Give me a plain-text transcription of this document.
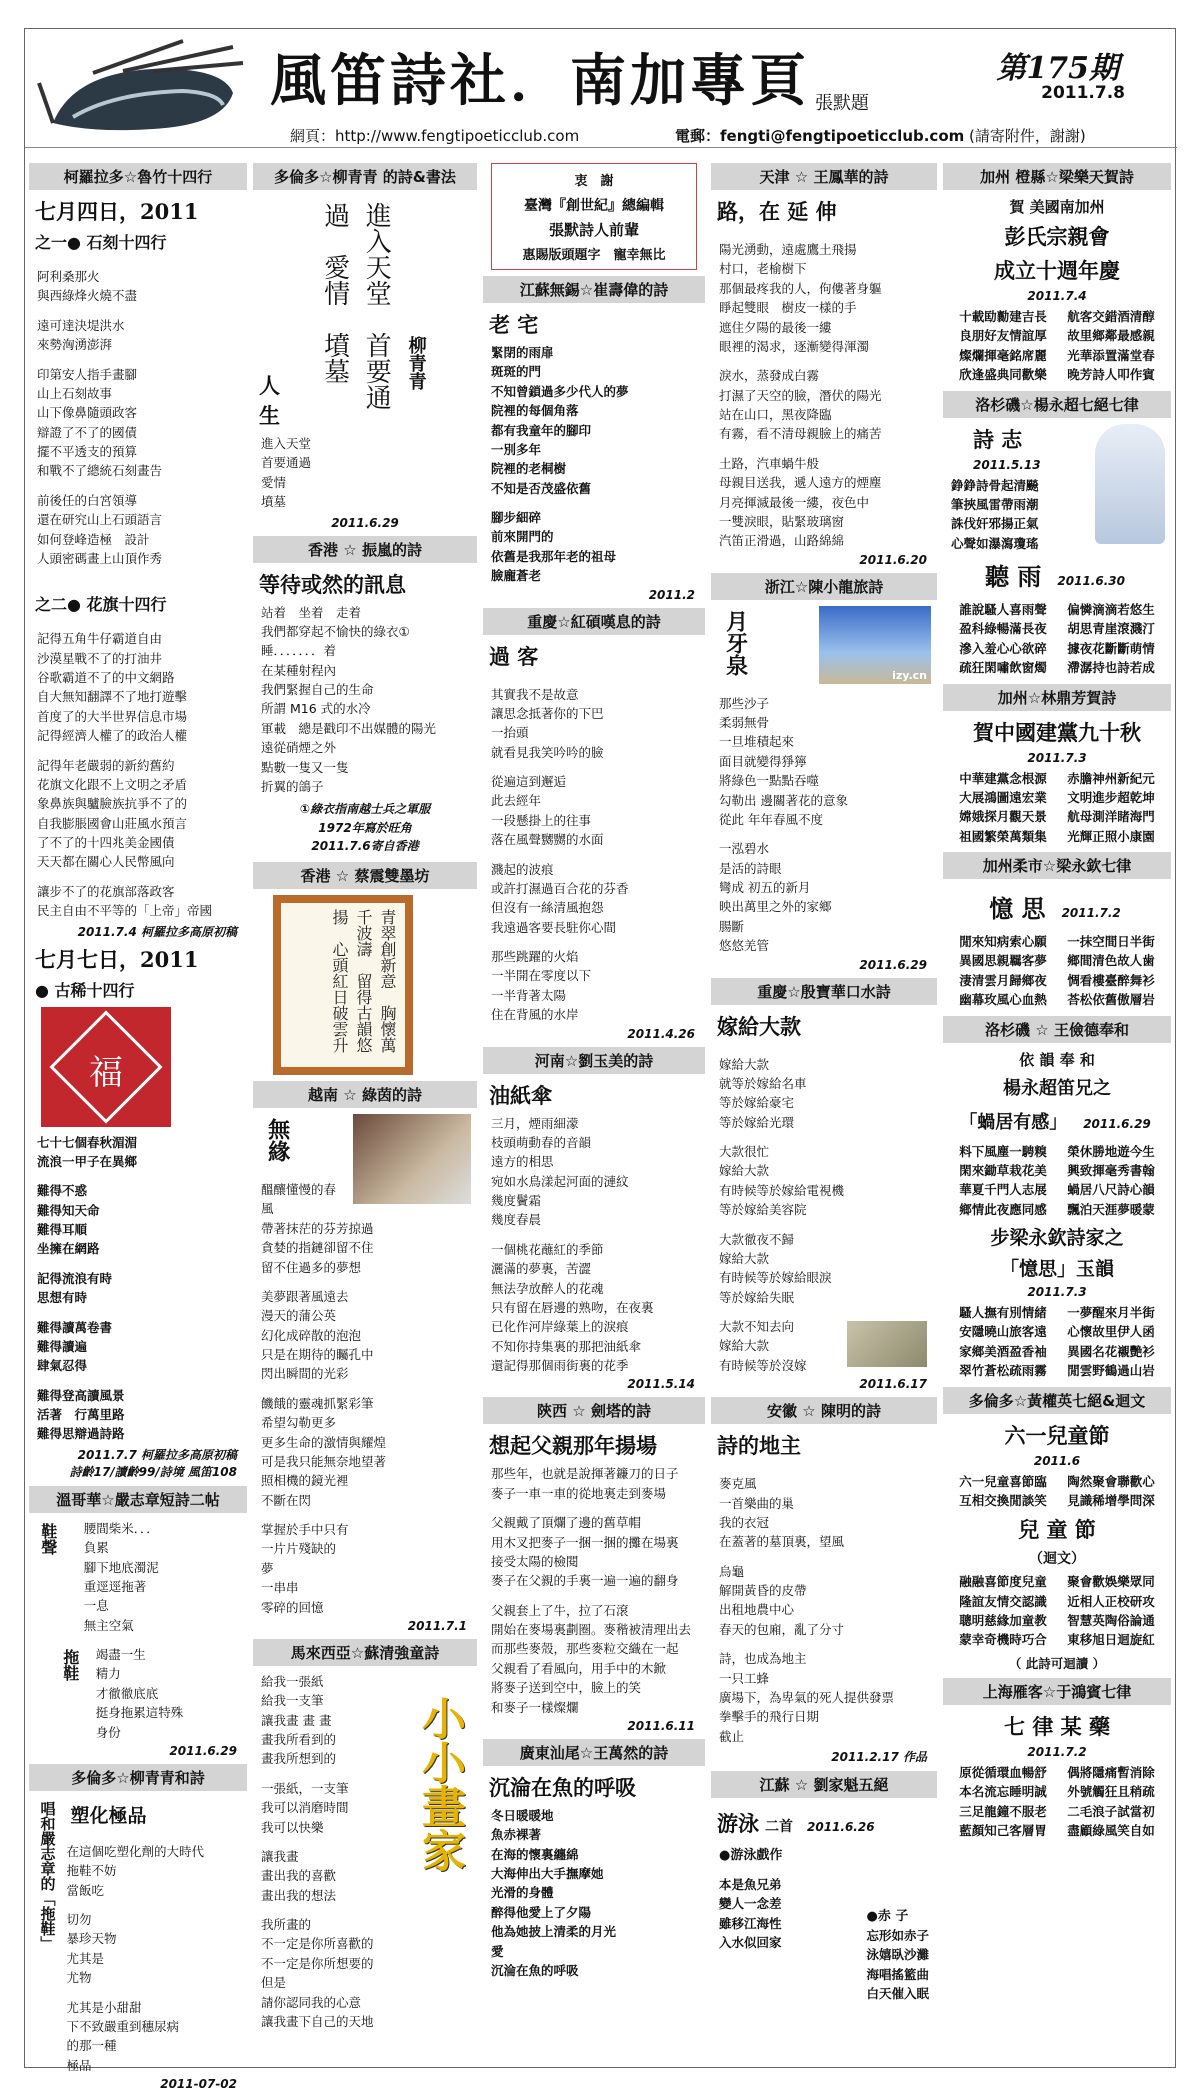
風笛詩社．南加專頁 張默題
第175期
2011.7.8
網頁：http://www.fengtipoeticclub.com	電郵：fengti@fengtipoeticclub.com (請寄附件，謝謝)
柯羅拉多☆魯竹十四行
七月四日，2011
之一● 石刻十四行
阿利桑那火
與西綠烽火燒不盡
遠可達決堤洪水
來勢洶湧澎湃
印第安人指手畫腳
山上石刻故事
山下像鼻隨頭政客
辯證了不了的國債
擺不平透支的預算
和戰不了總統石刻畫告
前後任的白宮領導
還在研究山上石頭語言
如何登峰造極　設計
人頭密碼畫上山頂作秀
之二● 花旗十四行
記得五角牛仔霸道自由
沙漠星戰不了的打油井
谷歌霸道不了的中文網路
自大無知翻譯不了地打遊擊
首度了的大半世界信息市場
記得經濟人權了的政治人權
記得年老嚴弱的新約舊約
花旗文化跟不上文明之矛盾
象鼻族與驢臉族抗爭不了的
自我膨脹國會山莊風水預言
了不了的十四兆美金國債
天天都在關心人民幣風向
讓步不了的花旗部落政客
民主自由不平等的「上帝」帝國
2011.7.4 柯羅拉多高原初稿
七月七日，2011
● 古稀十四行
福
七十七個春秋湄湄
流浪一甲子在異鄉
難得不惑
難得知天命
難得耳順
坐擁在網路
記得流浪有時
思想有時
難得讀萬卷書
難得讀遍
肆氣忍得
難得登高讀風景
活著　行萬里路
難得思辯過詩路
2011.7.7 柯羅拉多高原初稿
詩齡17/讀齡99/詩境 風笛108
溫哥華☆嚴志章短詩二帖
鞋聲 腰間柴米．．．
負累
腳下地底濁泥
重逕逕拖著
一息
無主空氣
拖鞋 竭盡一生
精力
才徹徹底底
挺身拖累這特殊
身份
2011.6.29
多倫多☆柳青青和詩
唱和嚴志章的「拖鞋」 塑化極品
在這個吃塑化劑的大時代
拖鞋不妨
當飯吃
切勿
暴珍天物
尤其是
尤物
尤其是小甜甜
下不致嚴重到穗尿病
的那一種
極品
2011-07-02
多倫多☆柳青青 的詩&書法
人　生
進入天堂　首要通過　愛情　墳墓	柳青青
進入天堂
首要通過
愛情
墳墓
2011.6.29
香港 ☆ 振嵐的詩
等待或然的訊息
站着　坐着　走着
我們都穿起不愉快的綠衣①
睡．．．．．．．着
在某種射程內
我們緊握自己的生命
所謂 M16 式的水冷
軍載　總是戳印不出媒體的陽光
遠從硝煙之外
點數一隻又一隻
折翼的鴿子
①綠衣指南越士兵之軍服
1972年寫於旺角
2011.7.6寄自香港
香港 ☆ 蔡震雙墨坊
青翠創新意　胸懷萬千波濤　留得古韻悠揚　心頭紅日破雲升
越南 ☆ 綠茵的詩
無緣
醞釀懂慢的春風
帶著抹茫的芬芳掠過
貪婪的指鏈卻留不住
留不住過多的夢想
美夢跟著風遠去
漫天的蒲公英
幻化成碎散的泡泡
只是在期待的矚孔中
閃出瞬間的光彩
饑餓的靈魂抓緊彩筆
希望勾勒更多
更多生命的激情與耀煌
可是我只能無奈地望著
照相機的鏡光裡
不斷在閃
掌握於手中只有
一片片殘缺的
夢
一串串
零碎的回憶
2011.7.1
馬來西亞☆蘇清強童詩
小小畫家
給我一張紙
給我一支筆
讓我畫 畫 畫
畫我所看到的
畫我所想到的
一張紙，一支筆
我可以消磨時間
我可以快樂
讓我畫
畫出我的喜歡
畫出我的想法
我所畫的
不一定是你所喜歡的
不一定是你所想要的
但是
請你認同我的心意
讓我畫下自己的天地
衷　謝
臺灣『創世紀』總編輯
張默詩人前輩
惠賜版頭題字　寵幸無比
江蘇無錫☆崔壽偉的詩
老 宅
緊閉的雨扉
斑斑的門
不知曾鎖過多少代人的夢
院裡的每個角落
都有我童年的腳印
一別多年
院裡的老桐樹
不知是否茂盛依舊
腳步細碎
前來開門的
依舊是我那年老的祖母
臉龐蒼老
2011.2
重慶☆紅碩嘆息的詩
過 客
其實我不是故意
讓思念抵著你的下巴
一抬頭
就看見我笑吟吟的臉
從遍這到邂逅
此去經年
一段懸掛上的往事
落在風聲嬲嬲的水面
濺起的波痕
或許打濕過百合花的芬香
但沒有一絲清風抱怨
我遠過客要長駐你心間
那些跳躍的火焰
一半開在零度以下
一半背著太陽
住在背風的水岸
2011.4.26
河南☆劉玉美的詩
油紙傘
三月，煙雨細濛
枝頭萌動春的音韻
遠方的相思
宛如水鳥漾起河面的漣紋
幾度鬢霜
幾度春晨
一個桃花蘸紅的季節
灑滿的夢裏，苦澀
無法孕放醉人的花魂
只有留在唇邊的熟吻，在夜裏
已化作河岸綠葉上的淚痕
不知你持集裏的那把油紙傘
還記得那個雨街裏的花季
2011.5.14
陝西 ☆ 劍塔的詩
想起父親那年揚場
那些年，也就是說揮著鐮刀的日子
麥子一車一車的從地裏走到麥場
父親戴了頂爛了邊的舊草帽
用木叉把麥子一捆一捆的攤在場裏
接受太陽的檢閱
麥子在父親的手裏一遍一遍的翻身
父親套上了牛，拉了石滾
開始在麥場裏劃圈。麥稭被清理出去
而那些麥殼，那些麥粒交織在一起
父親看了看風向，用手中的木鍁
將麥子送到空中，臉上的笑
和麥子一樣燦爛
2011.6.11
廣東汕尾☆王萬然的詩
沉淪在魚的呼吸
冬日暖暖地
魚赤裸著
在海的懷裏纏綿
大海伸出大手撫摩她
光滑的身體
醉得他愛上了夕陽
他為她披上清柔的月光
愛
沉淪在魚的呼吸
天津 ☆ 王鳳華的詩
路，在 延 伸
陽光湧動，遠處鷹土飛揚
村口，老榆樹下
那個最疼我的人，佝僂著身軀
睜起雙眼　樹皮一樣的手
遮住夕陽的最後一縷
眼裡的渴求，逐漸變得渾濁
淚水，蒸發成白霧
打濕了天空的臉，潛伏的陽光
站在山口，黑夜降臨
有霧，看不清母親臉上的痛苦
土路，汽車蝸牛般
母親目送我，遞人遠方的煙塵
月亮揮滅最後一縷，夜色中
一雙淚眼，貼緊玻璃窗
汽笛正滑過，山路綿綿
2011.6.20
浙江☆陳小龍旅詩
izy.cn
月牙泉
那些沙子
柔弱無骨
一旦堆積起來
面目就變得猙獰
將綠色一點點吞噬
勾勒出 邊關著花的意象
從此 年年春風不度
一泓碧水
是活的詩眼
彎成 初五的新月
映出萬里之外的家鄉
腸斷
悠悠羌管
2011.6.29
重慶☆殷寶華口水詩
嫁給大款
嫁給大款
就等於嫁給名車
等於嫁給豪宅
等於嫁給光環
大款很忙
嫁給大款
有時候等於嫁給電視機
等於嫁給美容院
大款徹夜不歸
嫁給大款
有時候等於嫁給眼淚
等於嫁給失眠
大款不知去向
嫁給大款
有時候等於沒嫁
2011.6.17
安徽 ☆ 陳明的詩
詩的地主
麥克風
一首樂曲的巢
我的衣冠
在蓋著的墓頂裏，望風
烏龜
解開黃昏的皮帶
出租地農中心
春天的包廂，亂了分寸
詩，也成為地主
一只工蜂
廣場下，為卑氣的死人提供發票
拳擊手的飛行日期
截止
2011.2.17 作品
江蘇 ☆ 劉家魁五絕
游泳 二首 2011.6.26
●游泳戲作
本是魚兄弟
變人一念差
雖移江海性
入水似回家
●赤 子
忘形如赤子
泳嬉臥沙灘
海唱搖籃曲
白天催入眠
加州 橙縣☆梁樂天賀詩
賀 美國南加州
彭氏宗親會
成立十週年慶
2011.7.4
十載劻勷建吉長
良朋好友情誼厚
燦爛揮毫銘席麗
欣逢盛典同歡樂
航客交錯酒清醇
故里鄉鄰最感親
光華添置滿堂春
晚芳詩人叩作賓
洛杉磯☆楊永超七絕七律
詩 志
2011.5.13
錚錚詩骨起清飈
筆挾風雷帶雨潮
誅伐奸邪揚正氣
心聲如瀑瀉瓊瑤
聽 雨 2011.6.30
誰說騷人喜雨聲
盈科綠暢滿長夜
滲入羞心心欲碎
疏狂閑嘯飲窗燭
偏憐滴滴若悠生
胡思青崖滾濺汀
據夜花斷斷萌情
滯潺持也詩若成
加州☆林鼎芳賀詩
賀中國建黨九十秋
2011.7.3
中華建黨念根源
大展鴻圖遠宏業
嫦娥探月觀天景
祖國繁榮萬類集
赤膽神州新紀元
文明進步超乾坤
航母測洋睹海門
光輝正照小康園
加州柔市☆梁永欽七律
憶 思 2011.7.2
閒來知病索心願
異國思親羈客夢
淒清雲月歸鄉夜
幽幕玫風心血熱
一抹空間日半街
鄉間清色故人歯
惆看樓臺醉舞衫
荅松依舊傲層岩
洛杉磯 ☆ 王儉德奉和
依 韻 奉 和
楊永超笛兄之
「蝸居有感」 2011.6.29
料下風塵一騁糗
閑來鋤草栽花美
華夏千門人志展
鄉情此夜應同感
榮休勝地遊今生
興致揮毫秀書翰
蝸居八尺詩心韻
飄泊天涯夢暖蒙
步梁永欽詩家之
「憶思」玉韻
2011.7.3
騷人撫有別情緒
安隱曉山旅客遠
家鄉美酒盈香袖
翠竹蒼松疏雨霧
一夢醒來月半街
心懷故里伊人函
異國名花襯艷衫
閒雲野鶴過山岩
多倫多☆黃權英七絕&迴文
六一兒童節
2011.6
六一兒童喜節臨
互相交換閒談笑
陶然聚會聯歡心
見識稀增學問深
兒 童 節
（迴文）
融融喜節度兒童
隆誼友情交認識
聰明慈緣加童教
蒙幸奇機時巧合
聚會歡娛樂眾同
近相人正校研攻
智慧英陶俗論通
東移旭日迴旋紅
（ 此詩可迴讀 ）
上海雁客☆于鴻賓七律
七 律 某 藥
2011.7.2
原從循環血暢舒
本名流忘睡明誠
三足龍鐘不服老
藍顏知己客層胃
偶將隱痛暫消除
外號觸狂且稍疏
二毛浪子試當初
盡顧綠風笑自如
